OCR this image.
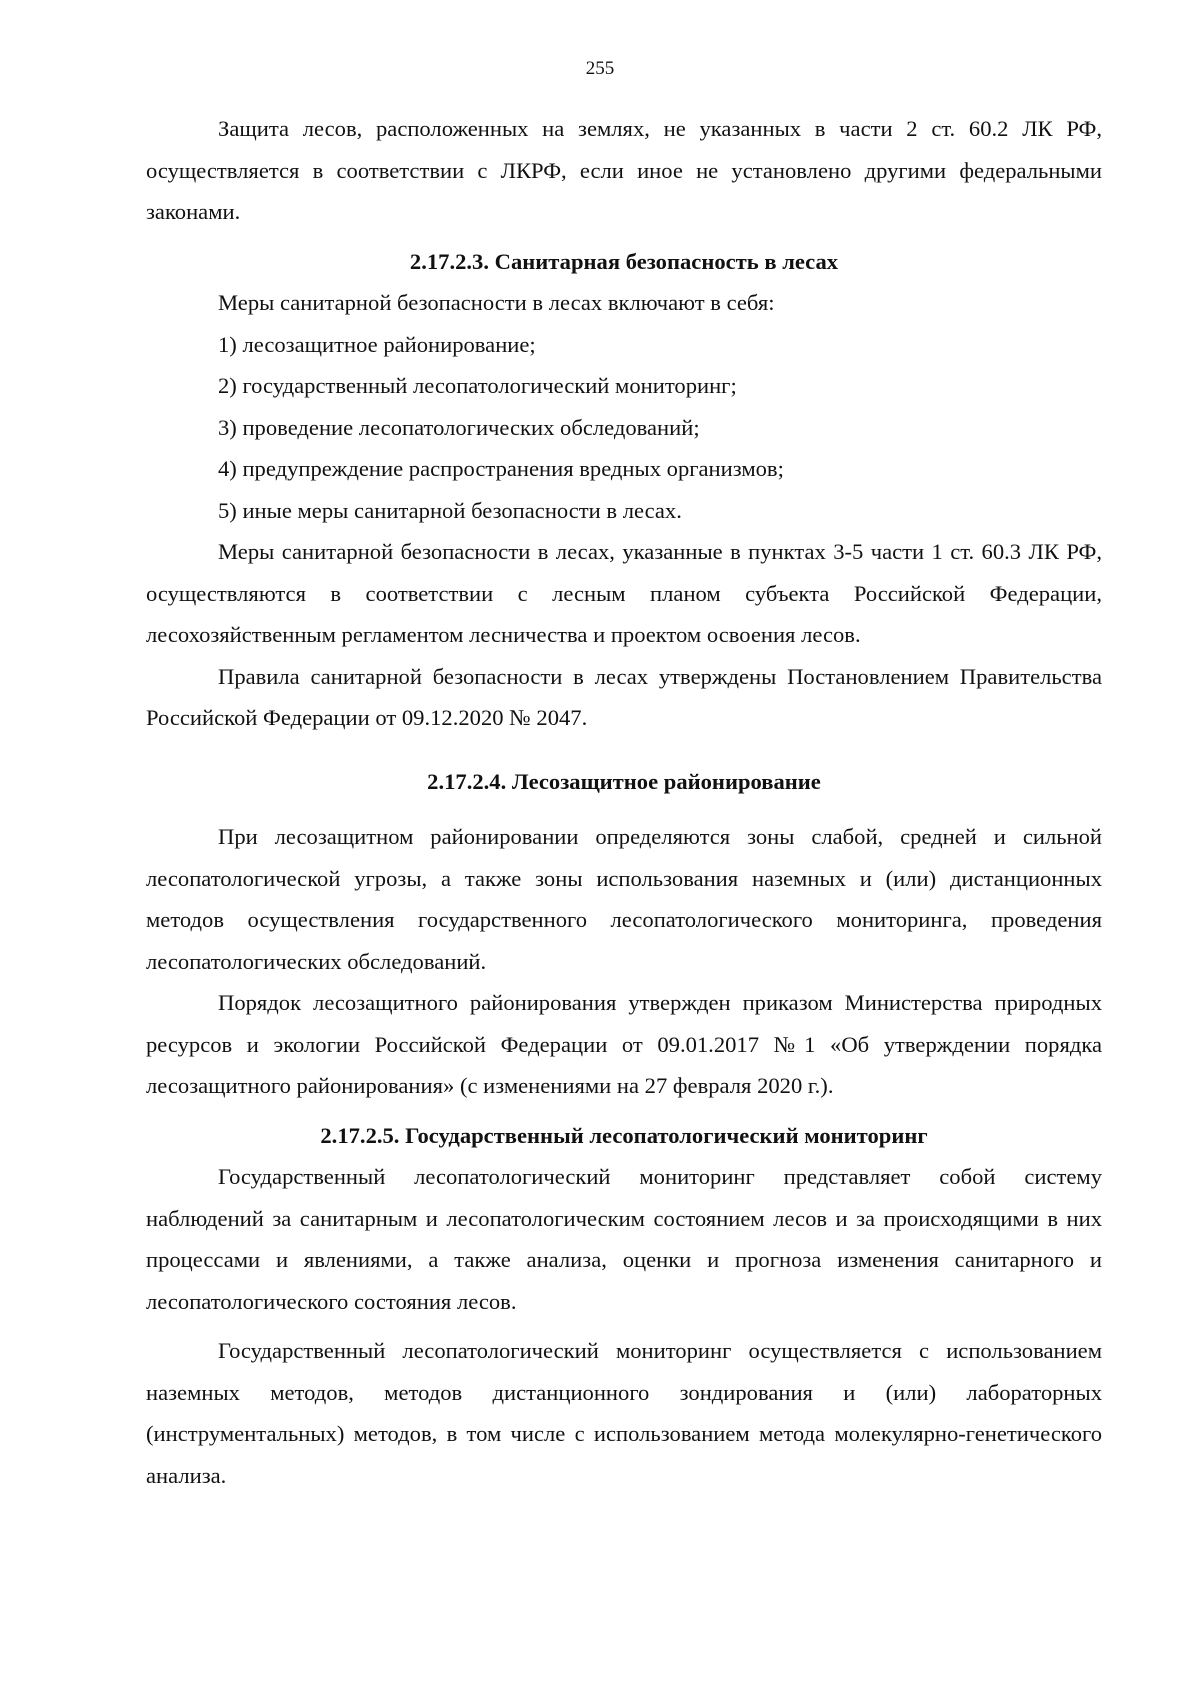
255

Защита лесов, расположенных на землях, не указанных в части 2 ст. 60.2 ЛК РФ, осуществляется в соответствии с ЛКРФ, если иное не установлено другими федеральными законами.

2.17.2.3. Санитарная безопасность в лесах

Меры санитарной безопасности в лесах включают в себя:

1) лесозащитное районирование;

2) государственный лесопатологический мониторинг;

3) проведение лесопатологических обследований;

4) предупреждение распространения вредных организмов;

5) иные меры санитарной безопасности в лесах.

Меры санитарной безопасности в лесах, указанные в пунктах 3-5 части 1 ст. 60.3 ЛК РФ, осуществляются в соответствии с лесным планом субъекта Российской Федерации, лесохозяйственным регламентом лесничества и проектом освоения лесов.

Правила санитарной безопасности в лесах утверждены Постановлением Правительства Российской Федерации от 09.12.2020 № 2047.

2.17.2.4. Лесозащитное районирование

При лесозащитном районировании определяются зоны слабой, средней и сильной лесопатологической угрозы, а также зоны использования наземных и (или) дистанционных методов осуществления государственного лесопатологического мониторинга, проведения лесопатологических обследований.

Порядок лесозащитного районирования утвержден приказом Министерства природных ресурсов и экологии Российской Федерации от 09.01.2017 №1 «Об утверждении порядка лесозащитного районирования» (с изменениями на 27 февраля 2020 г.).

2.17.2.5. Государственный лесопатологический мониторинг

Государственный лесопатологический мониторинг представляет собой систему наблюдений за санитарным и лесопатологическим состоянием лесов и за происходящими в них процессами и явлениями, а также анализа, оценки и прогноза изменения санитарного и лесопатологического состояния лесов.

Государственный лесопатологический мониторинг осуществляется с использованием наземных методов, методов дистанционного зондирования и (или) лабораторных (инструментальных) методов, в том числе с использованием метода молекулярно-генетического анализа.
